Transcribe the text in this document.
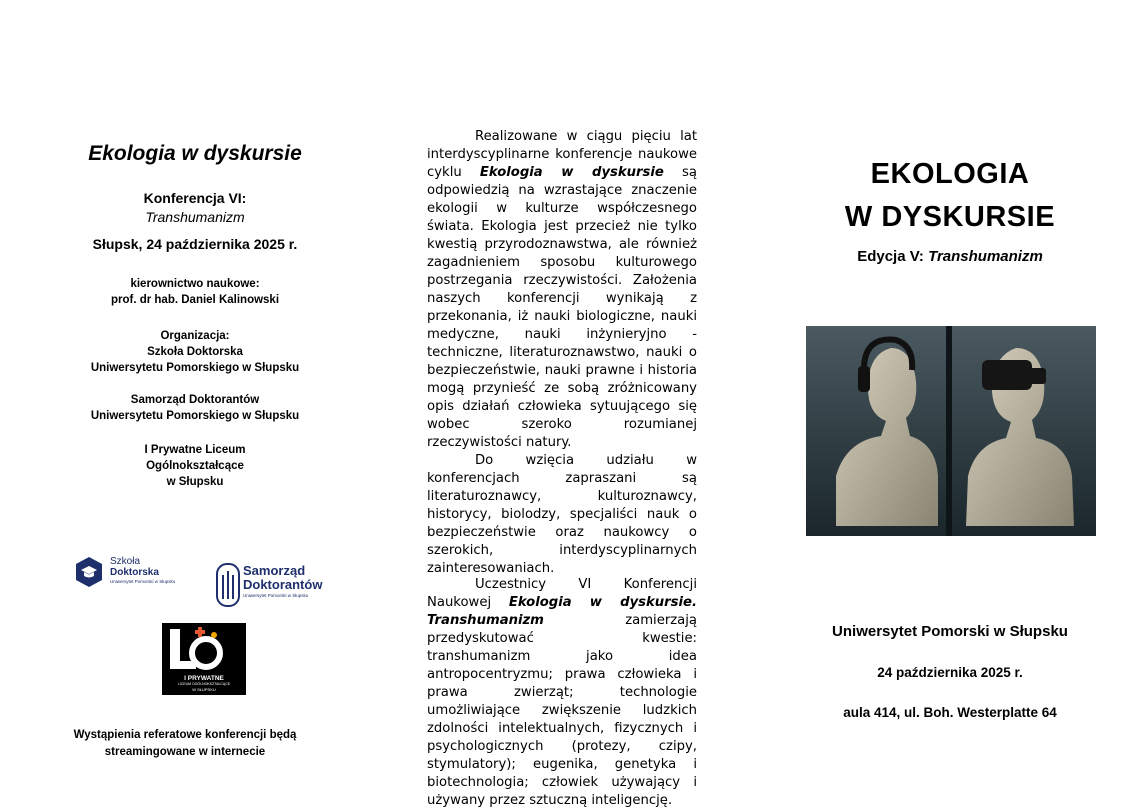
Ekologia w dyskursie
Konferencja VI:
Transhumanizm
Słupsk, 24 października 2025 r.
kierownictwo naukowe:
prof. dr hab. Daniel Kalinowski
Organizacja:
Szkoła Doktorska
Uniwersytetu Pomorskiego w Słupsku
Samorząd Doktorantów
Uniwersytetu Pomorskiego w Słupsku
I Prywatne Liceum
Ogólnokształcące
w Słupsku
Szkoła
Doktorska
Uniwersytet Pomorski w Słupsku
Samorząd
Doktorantów
Uniwersytet Pomorski w Słupsku
I PRYWATNE
LICEUM OGÓLNOKSZTAŁCĄCE
W SŁUPSKU
Wystąpienia referatowe konferencji będą
streamingowane w internecie

Realizowane w ciągu pięciu lat interdyscyplinarne konferencje naukowe cyklu Ekologia w dyskursie są odpowiedzią na wzrastające znaczenie ekologii w kulturze współczesnego świata. Ekologia jest przecież nie tylko kwestią przyrodoznawstwa, ale również zagadnieniem sposobu kulturowego postrzegania rzeczywistości. Założenia naszych konferencji wynikają z przekonania, iż nauki biologiczne, nauki medyczne, nauki inżynieryjno - techniczne, literaturoznawstwo, nauki o bezpieczeństwie, nauki prawne i historia mogą przynieść ze sobą zróżnicowany opis działań człowieka sytuującego się wobec szeroko rozumianej rzeczywistości natury.

Do wzięcia udziału w konferencjach zapraszani są literaturoznawcy, kulturoznawcy, historycy, biolodzy, specjaliści nauk o bezpieczeństwie oraz naukowcy o szerokich, interdyscyplinarnych zainteresowaniach.

Uczestnicy VI Konferencji Naukowej Ekologia w dyskursie. Transhumanizm zamierzają przedyskutować kwestie: transhumanizm jako idea antropocentryzmu; prawa człowieka i prawa zwierząt; technologie umożliwiające zwiększenie ludzkich zdolności intelektualnych, fizycznych i psychologicznych (protezy, czipy, stymulatory); eugenika, genetyka i biotechnologia; człowiek używający i używany przez sztuczną inteligencję.

EKOLOGIA
W DYSKURSIE
Edycja V: Transhumanizm
Uniwersytet Pomorski w Słupsku
24 października 2025 r.
aula 414, ul. Boh. Westerplatte 64
